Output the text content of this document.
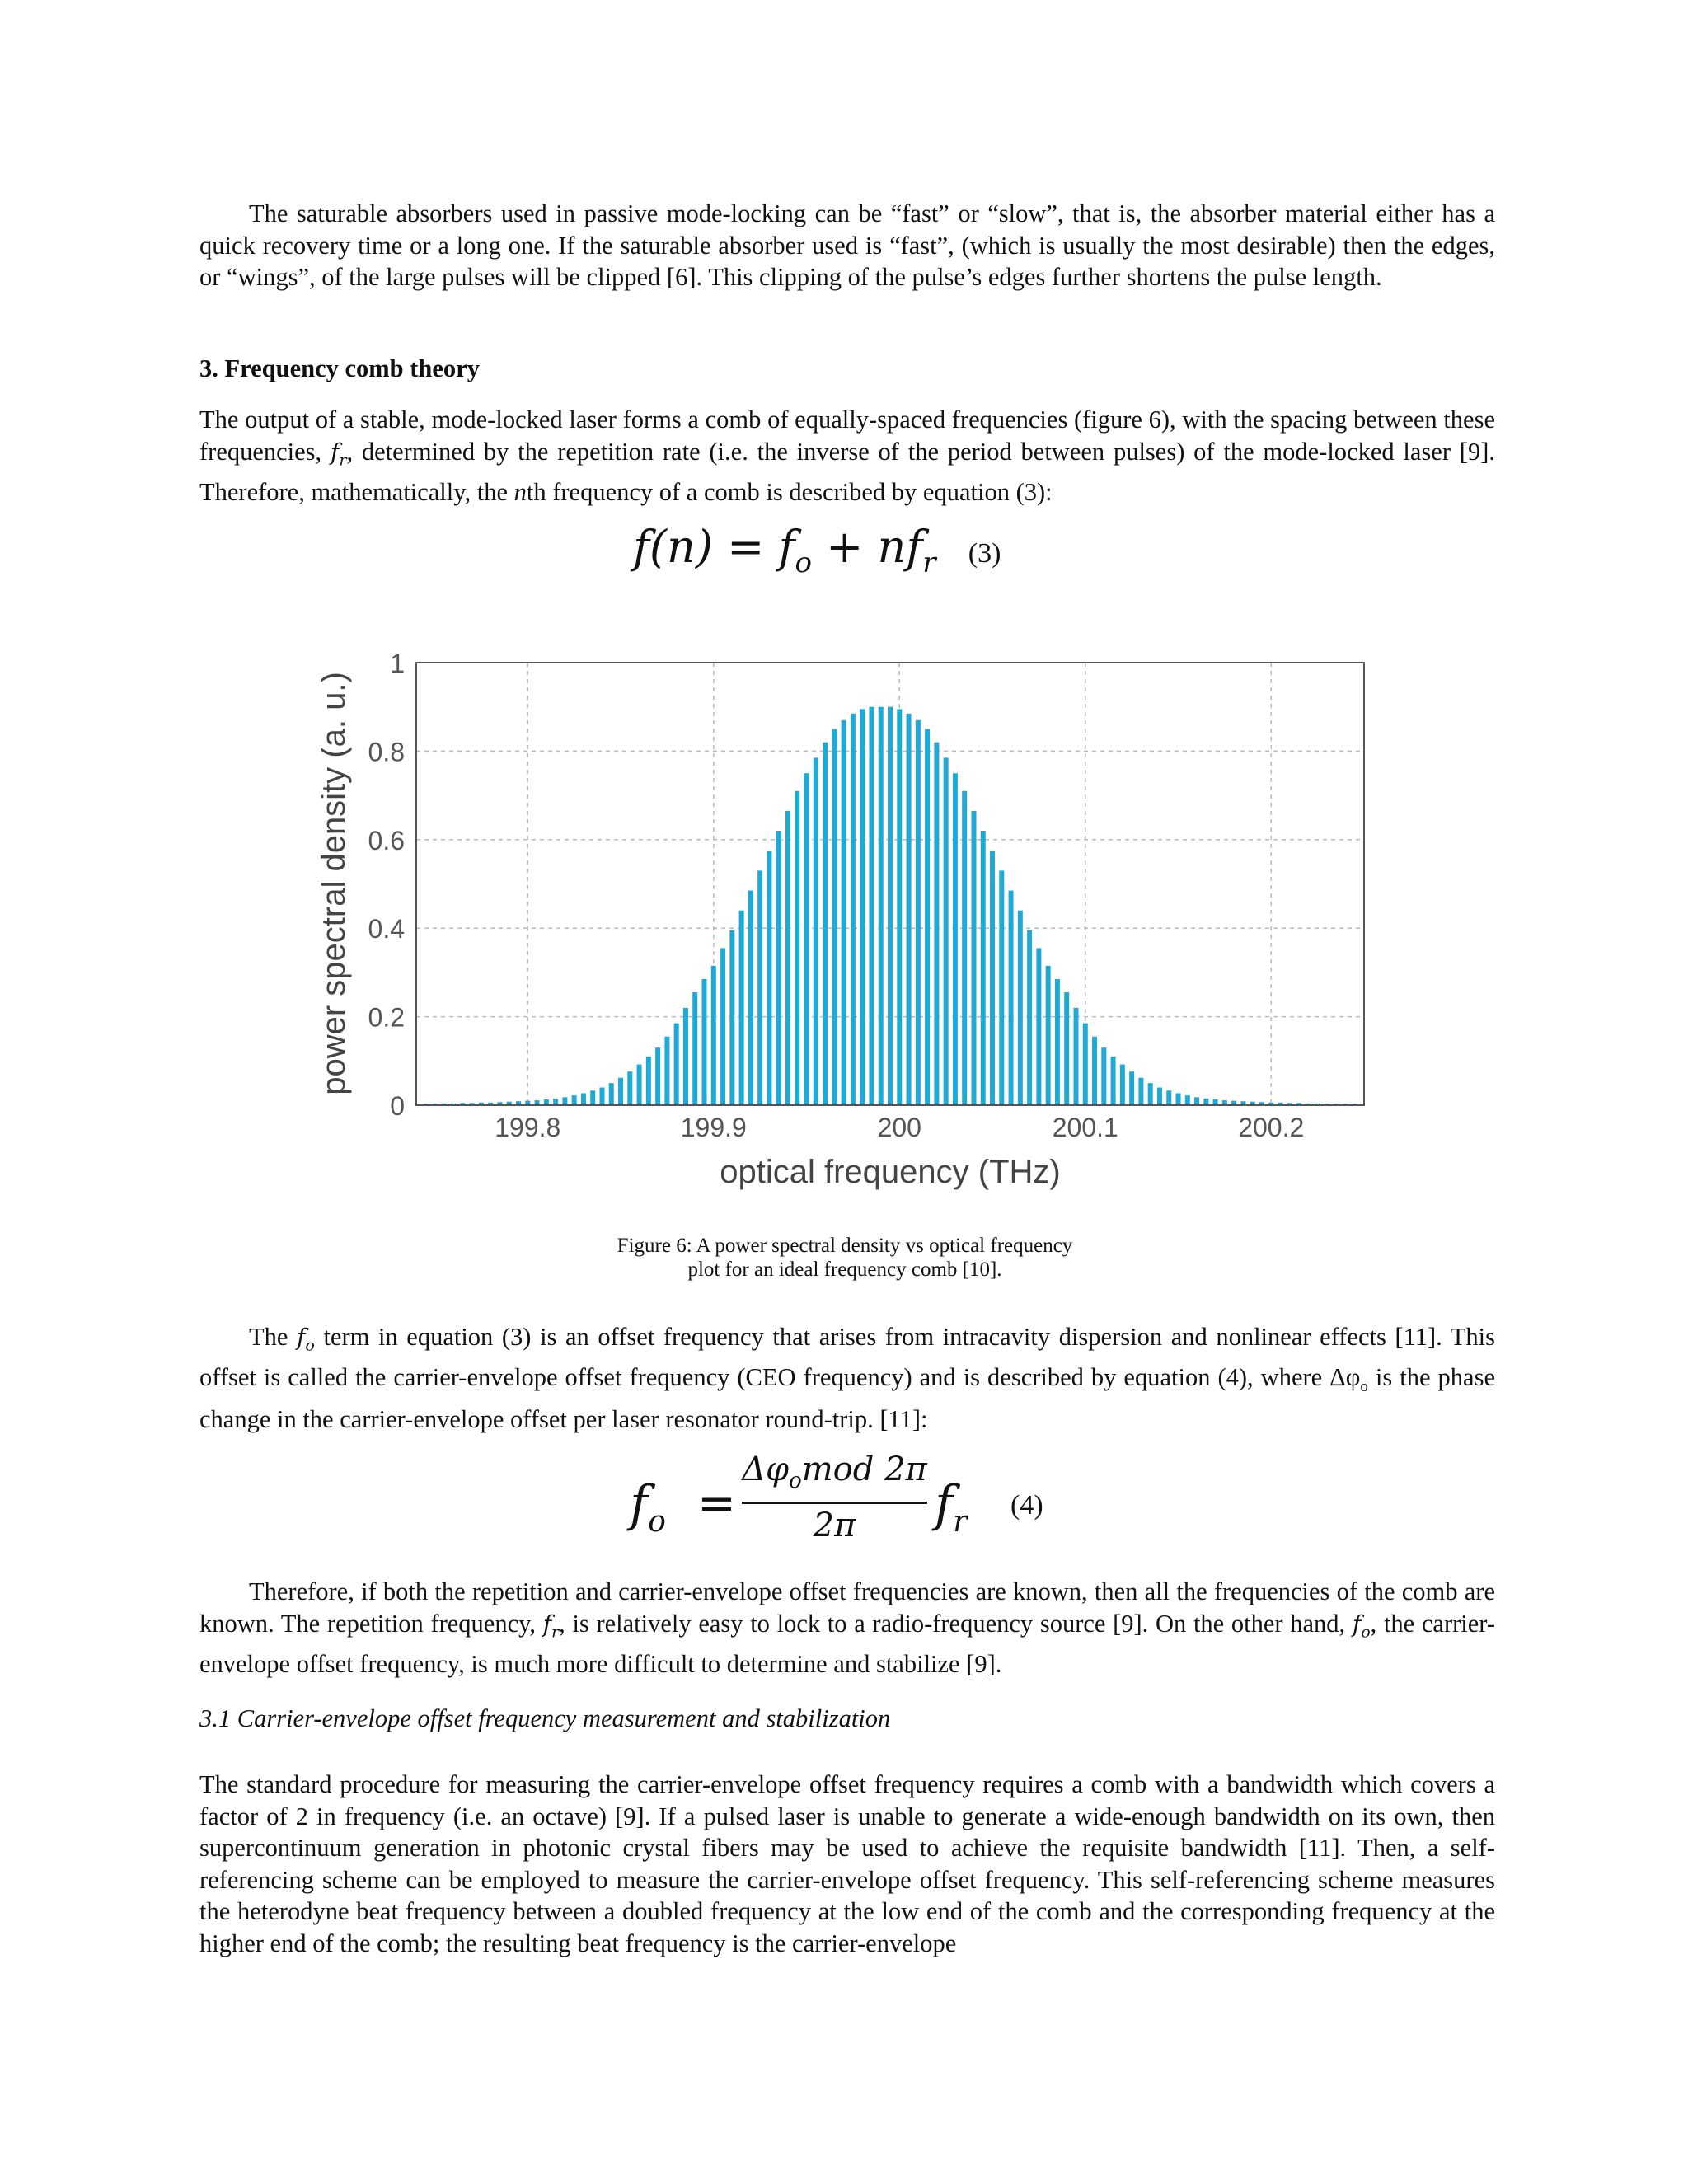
The saturable absorbers used in passive mode-locking can be “fast” or “slow”, that is, the absorber material either has a quick recovery time or a long one. If the saturable absorber used is “fast”, (which is usually the most desirable) then the edges, or “wings”, of the large pulses will be clipped [6]. This clipping of the pulse’s edges further shortens the pulse length.

3. Frequency comb theory

The output of a stable, mode-locked laser forms a comb of equally-spaced frequencies (figure 6), with the spacing between these frequencies, $f_r$, determined by the repetition rate (i.e. the inverse of the period between pulses) of the mode-locked laser [9]. Therefore, mathematically, the nth frequency of a comb is described by equation (3):

$f(n) = f_o + nf_r$ (3)
0
0.2
0.4
0.6
0.8
1
199.8	199.9	200	200.1	200.2
optical frequency (THz)
power spectral density (a. u.)

Figure 6: A power spectral density vs optical frequency
plot for an ideal frequency comb [10].

The $f_o$ term in equation (3) is an offset frequency that arises from intracavity dispersion and nonlinear effects [11]. This offset is called the carrier-envelope offset frequency (CEO frequency) and is described by equation (4), where $\Delta\varphi_o$ is the phase change in the carrier-envelope offset per laser resonator round-trip. [11]:

$f_o$ =
$\Delta\varphi_omod$ 2π
2π	$f_r$ (4)

Therefore, if both the repetition and carrier-envelope offset frequencies are known, then all the frequencies of the comb are known. The repetition frequency, $f_r$, is relatively easy to lock to a radio-frequency source [9]. On the other hand, $f_o$, the carrier-envelope offset frequency, is much more difficult to determine and stabilize [9].

3.1 Carrier-envelope offset frequency measurement and stabilization

The standard procedure for measuring the carrier-envelope offset frequency requires a comb with a bandwidth which covers a factor of 2 in frequency (i.e. an octave) [9]. If a pulsed laser is unable to generate a wide-enough bandwidth on its own, then supercontinuum generation in photonic crystal fibers may be used to achieve the requisite bandwidth [11]. Then, a self-referencing scheme can be employed to measure the carrier-envelope offset frequency. This self-referencing scheme measures the heterodyne beat frequency between a doubled frequency at the low end of the comb and the corresponding frequency at the higher end of the comb; the resulting beat frequency is the carrier-envelope
